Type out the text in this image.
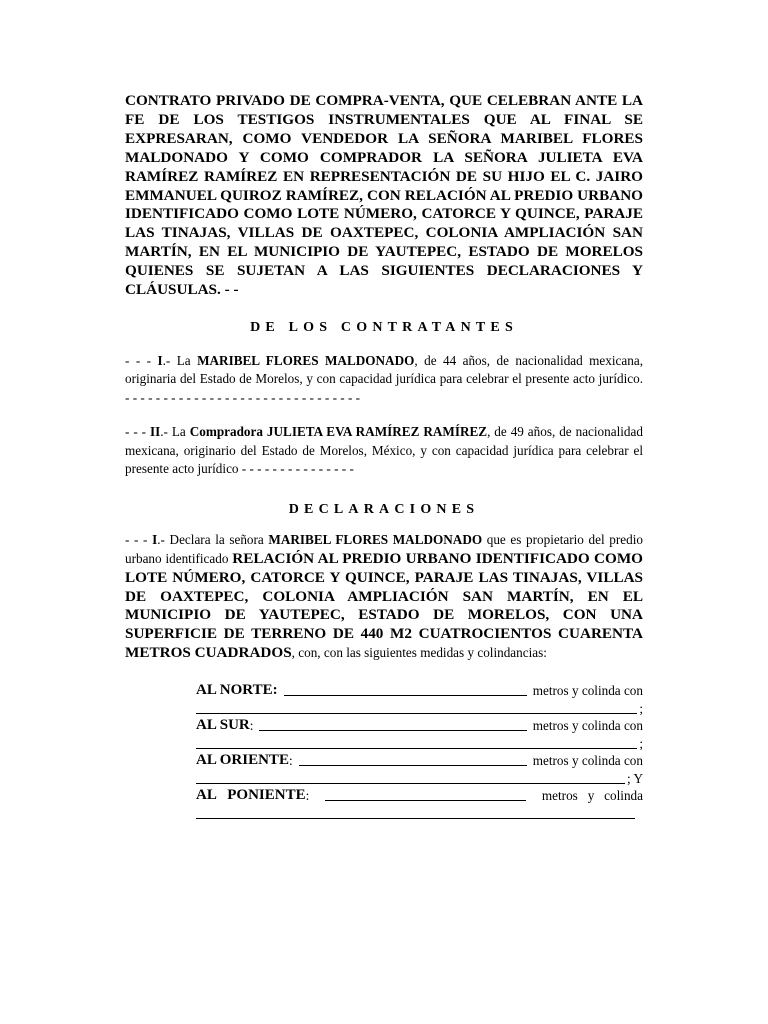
CONTRATO PRIVADO DE COMPRA-VENTA, QUE CELEBRAN ANTE LA FE DE LOS TESTIGOS INSTRUMENTALES QUE AL FINAL SE EXPRESARAN, COMO VENDEDOR LA SEÑORA MARIBEL FLORES MALDONADO Y COMO COMPRADOR LA SEÑORA JULIETA EVA RAMÍREZ RAMÍREZ EN REPRESENTACIÓN DE SU HIJO EL C. JAIRO EMMANUEL QUIROZ RAMÍREZ, CON RELACIÓN AL PREDIO URBANO IDENTIFICADO COMO LOTE NÚMERO, CATORCE Y QUINCE, PARAJE LAS TINAJAS, VILLAS DE OAXTEPEC, COLONIA AMPLIACIÓN SAN MARTÍN, EN EL MUNICIPIO DE YAUTEPEC, ESTADO DE MORELOS QUIENES SE SUJETAN A LAS SIGUIENTES DECLARACIONES Y CLÁUSULAS. - -

DE LOS CONTRATANTES

- - - I.- La MARIBEL FLORES MALDONADO, de 44 años, de nacionalidad mexicana, originaria del Estado de Morelos, y con capacidad jurídica para celebrar el presente acto jurídico. - - - - - - - - - - - - - - - - - - - - - - - - - - - - - - -

- - - II.- La Compradora JULIETA EVA RAMÍREZ RAMÍREZ, de 49 años, de nacionalidad mexicana, originario del Estado de Morelos, México, y con capacidad jurídica para celebrar el presente acto jurídico - - - - - - - - - - - - - - -

DECLARACIONES

- - - I.- Declara la señora MARIBEL FLORES MALDONADO que es propietario del predio urbano identificado RELACIÓN AL PREDIO URBANO IDENTIFICADO COMO LOTE NÚMERO, CATORCE Y QUINCE, PARAJE LAS TINAJAS, VILLAS DE OAXTEPEC, COLONIA AMPLIACIÓN SAN MARTÍN, EN EL MUNICIPIO DE YAUTEPEC, ESTADO DE MORELOS, CON UNA SUPERFICIE DE TERRENO DE 440 M2 CUATROCIENTOS CUARENTA METROS CUADRADOS, con, con las siguientes medidas y colindancias:

AL NORTE:	metros y colinda con
;
AL SUR :	metros y colinda con
;
AL ORIENTE :	metros y colinda con
; Y
AL   PONIENTE :	metros   y   colinda
